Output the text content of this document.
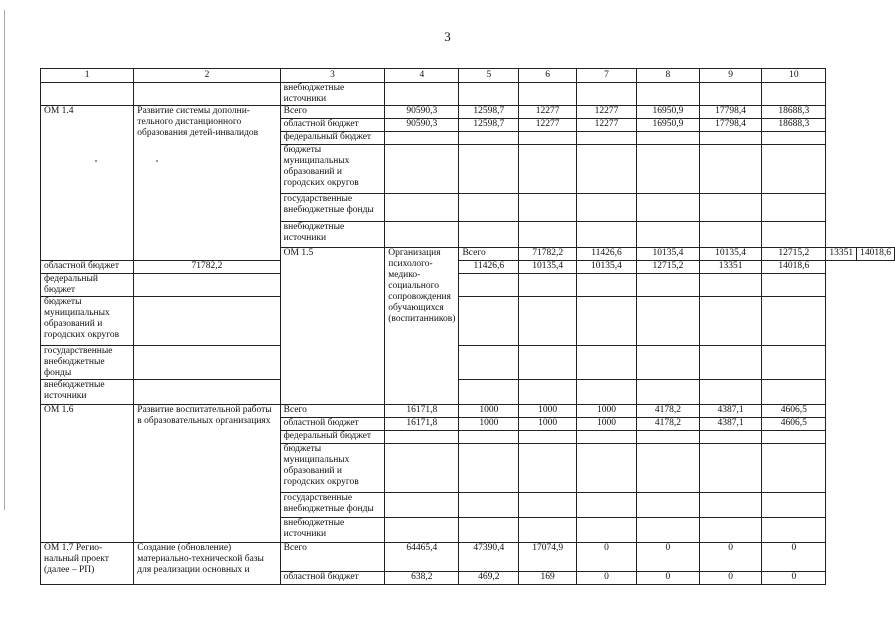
3
1	2	3	4	5	6	7	8	9	10		
		внебюджетные источники									
ОМ 1.4	Развитие системы дополни-тельного дистанционного образования детей-инвалидов	Всего	90590,3	12598,7	12277	12277	16950,9	17798,4	18688,3		
		областной бюджет	90590,3	12598,7	12277	12277	16950,9	17798,4	18688,3		
		федеральный бюджет									
		бюджеты муниципальных образований и городских округов									
		государственные внебюджетные фонды									
		внебюджетные источники									
		ОМ 1.5	Организация психолого-медико-социального сопровождения обучающихся (воспитанников)	Всего	71782,2	11426,6	10135,4	10135,4	12715,2	13351	14018,6
областной бюджет	71782,2			11426,6	10135,4	10135,4	12715,2	13351	14018,6		
федеральный бюджет											
бюджеты муниципальных образований и городских округов											
государственные внебюджетные фонды											
внебюджетные источники											
ОМ 1.6	Развитие воспитательной работы в образовательных организациях	Всего	16171,8	1000	1000	1000	4178,2	4387,1	4606,5		
		областной бюджет	16171,8	1000	1000	1000	4178,2	4387,1	4606,5		
		федеральный бюджет									
		бюджеты муниципальных образований и городских округов									
		государственные внебюджетные фонды									
		внебюджетные источники									
ОМ 1.7 Регио-нальный проект (далее – РП)	Создание (обновление) материально-технической базы для реализации основных и	Всего	64465,4	47390,4	17074,9	0	0	0	0		
		областной бюджет	638,2	469,2	169	0	0	0	0		
